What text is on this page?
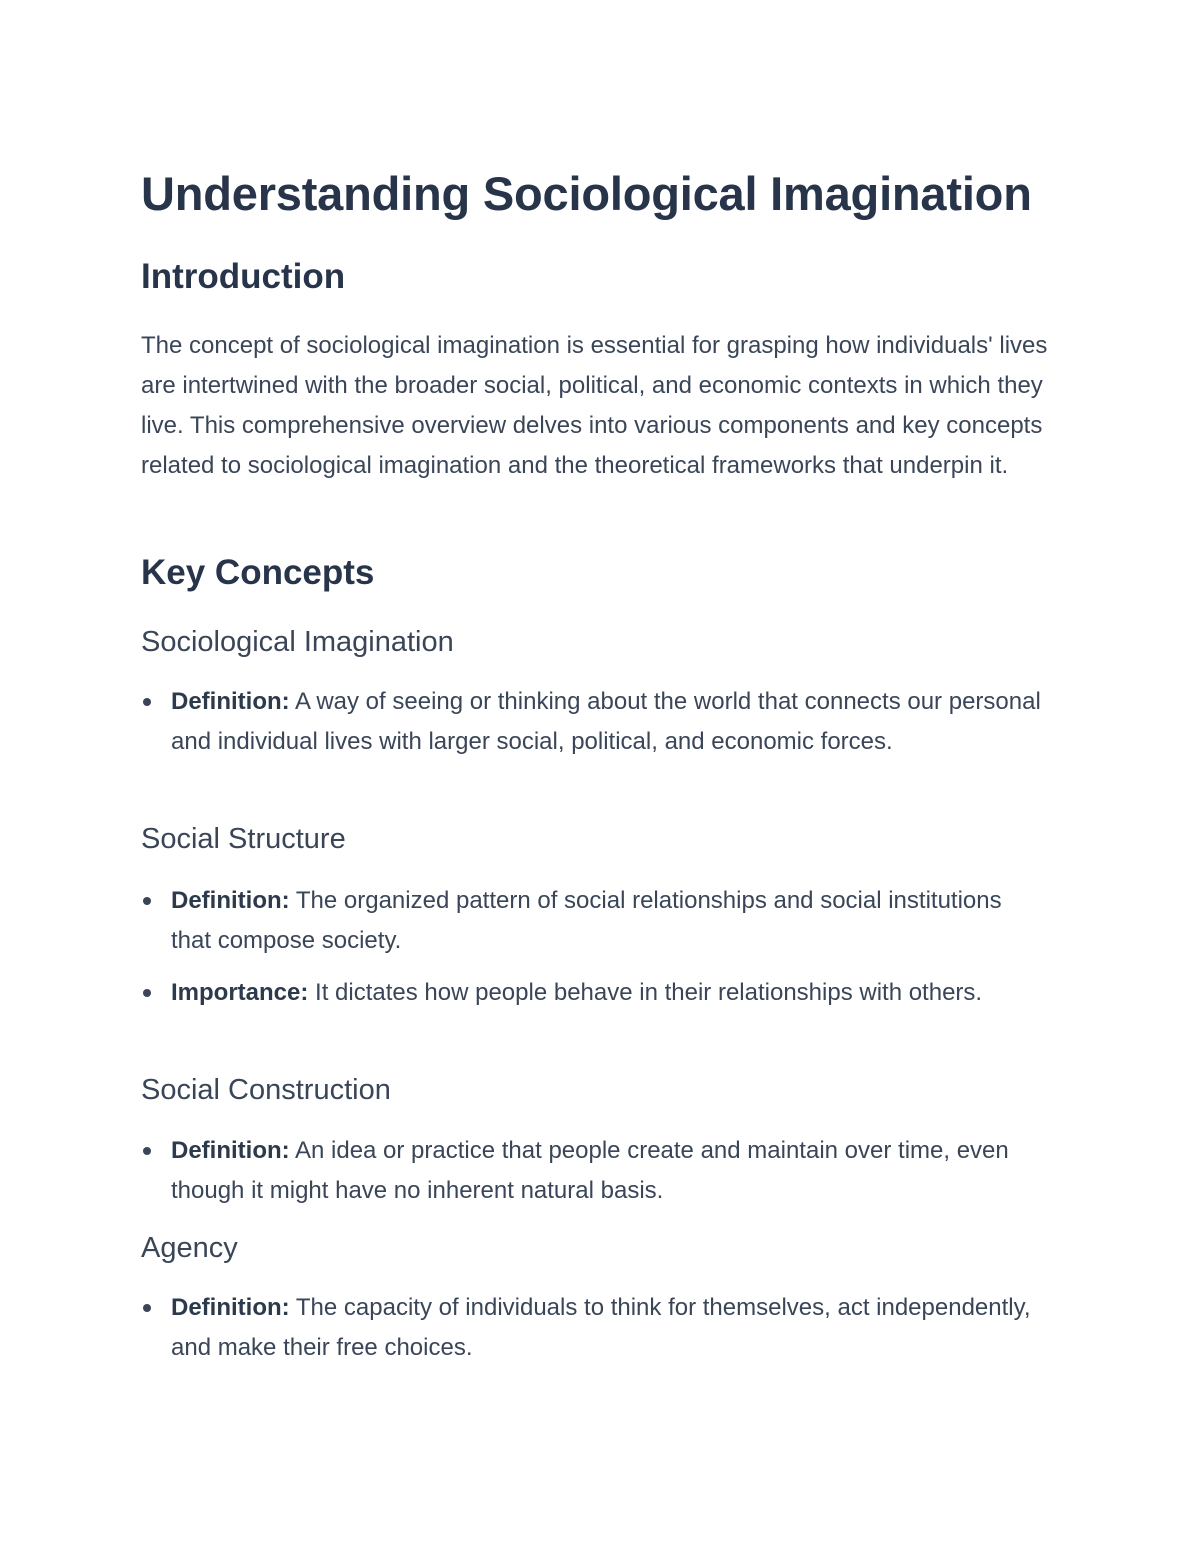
Understanding Sociological Imagination
Introduction

The concept of sociological imagination is essential for grasping how individuals' lives are intertwined with the broader social, political, and economic contexts in which they live. This comprehensive overview delves into various components and key concepts related to sociological imagination and the theoretical frameworks that underpin it.

Key Concepts
Sociological Imagination
Definition: A way of seeing or thinking about the world that connects our personal and individual lives with larger social, political, and economic forces.
Social Structure
Definition: The organized pattern of social relationships and social institutions that compose society.
Importance: It dictates how people behave in their relationships with others.
Social Construction
Definition: An idea or practice that people create and maintain over time, even though it might have no inherent natural basis.
Agency
Definition: The capacity of individuals to think for themselves, act independently, and make their free choices.
